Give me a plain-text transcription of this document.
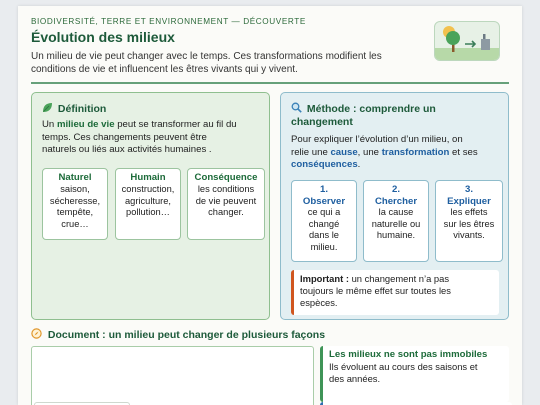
BIODIVERSITÉ, TERRE ET ENVIRONNEMENT — DÉCOUVERTE

Évolution des milieux

Un milieu de vie peut changer avec le temps. Ces transformations modifient les
conditions de vie et influencent les êtres vivants qui y vivent.

Définition
Un milieu de vie peut se transformer au fil du
temps. Ces changements peuvent être
naturels ou liés aux activités humaines .
Naturel
saison,
sécheresse,
tempête,
crue…
Humain
construction,
agriculture,
pollution…
Conséquence
les conditions
de vie peuvent
changer.
Méthode : comprendre un
changement
Pour expliquer l’évolution d’un milieu, on
relie une cause, une transformation et ses
conséquences.
1.
Observer
ce qui a
changé
dans le
milieu.
2.
Chercher
la cause
naturelle ou
humaine.
3.
Expliquer
les effets
sur les êtres
vivants.
Important : un changement n’a pas
toujours le même effet sur toutes les
espèces.
Document : un milieu peut changer de plusieurs façons
Les milieux ne sont pas immobiles
Ils évoluent au cours des saisons et
des années.
